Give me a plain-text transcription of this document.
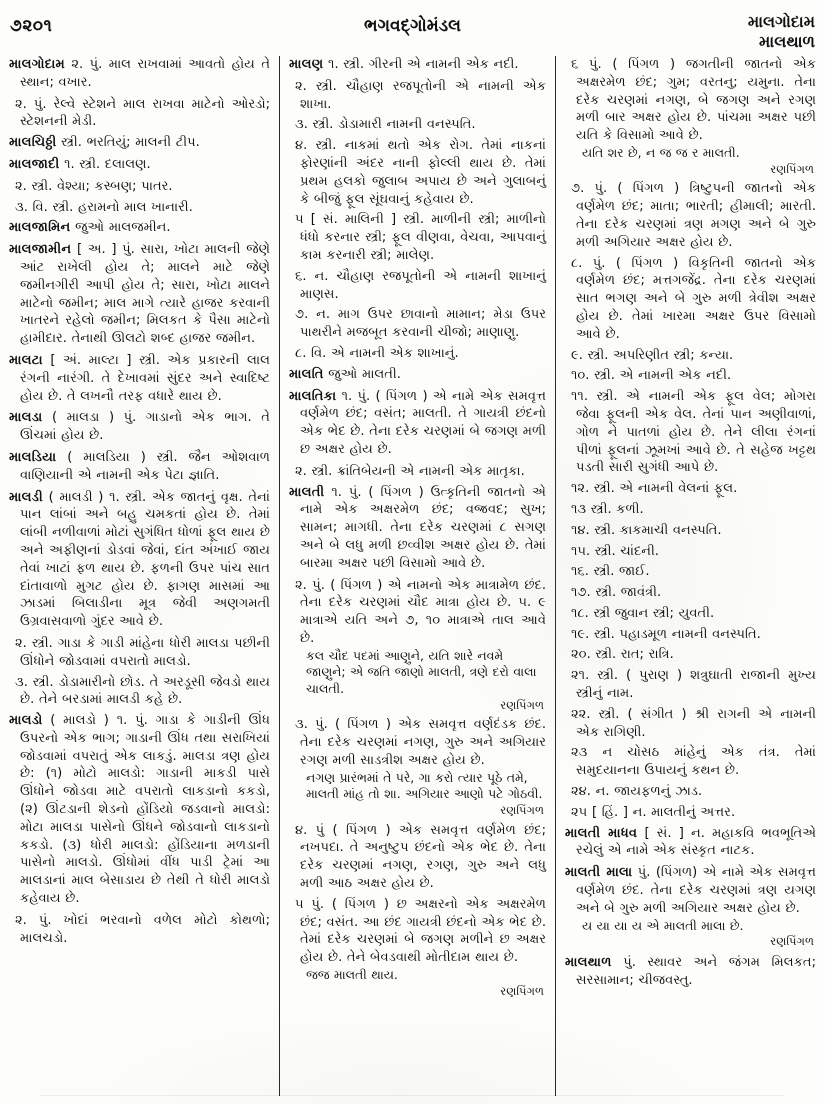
૭૨૦૧	ભગવદ્ગોમંડલ	માલગોદામ
માલથાળ

માલગોદામ ૨. પું. માલ રાખવામાં આવતો હોય તે સ્થાન; વખાર.

૨. પું. રેલ્વે સ્ટેશને માલ રાખવા માટેનો ઓરડો; સ્ટેશનની મેડી.

માલચિઠ્ઠી સ્ત્રી. ભરતિયું; માલની ટીપ.

માલજાદી ૧. સ્ત્રી. દલાલણ.

૨. સ્ત્રી. વેશ્યા; કસ્બણ; પાતર.

૩. વિ. સ્ત્રી. હરામનો માલ ખાનારી.

માલજામિન જુઓ માલજમીન.

માલજામીન [ અ. ] પું. સારા, ખોટા માલની જેણે આંટ રાખેલી હોય તે; માલને માટે જેણે જમીનગીરી આપી હોય તે; સારા, ખોટા માલને માટેનો જમીન; માલ માગે ત્યારે હાજર કરવાની ખાતરને રહેલો જમીન; મિલકત કે પૈસા માટેનો હામીદાર. તેનાથી ઊલટો શબ્દ હાજર જમીન.

માલટા [ અં. માલ્ટા ] સ્ત્રી. એક પ્રકારની લાલ રંગની નારંગી. તે દેખાવમાં સુંદર અને સ્વાદિષ્ટ હોય છે. તે લખનૌ તરફ વધારે થાય છે.

માલડા ( માલડા ) પું. ગાડાનો એક ભાગ. તે ઊંચમાં હોય છે.

માલડિયા ( માલડિયા ) સ્ત્રી. જૈન ઓશવાળ વાણિયાની એ નામની એક પેટા જ્ઞાતિ.

માલડી ( માલડી ) ૧. સ્ત્રી. એક જાતનું વૃક્ષ. તેનાં પાન લાંબાં અને બહુ ચમકતાં હોય છે. તેમાં લાંબી નળીવાળાં મોટાં સુગંધિત ધોળાં ફૂલ થાય છે અને અફીણનાં ડોડવાં જેવાં, દાંત અંખાઈ જાય તેવાં ખાટાં ફળ થાય છે. ફળની ઉપર પાંચ સાત દાંતાવાળો મુગટ હોય છે. ફાગણ માસમાં આ ઝાડમાં બિલાડીના મૂત્ર જેવી અણગમતી ઉગ્રવાસવાળો ગુંદર આવે છે.

૨. સ્ત્રી. ગાડા કે ગાડી માંહેના ધોરી માલડા પછીની ઊંધોને જોડવામાં વપરાતો માલડો.

૩. સ્ત્રી. ડોડામારીનો છોડ. તે અરડૂસી જેવડો થાય છે. તેને બરડામાં માલડી કહે છે.

માલડો ( માલડો ) ૧. પું. ગાડા કે ગાડીની ઊંધ ઉપરનો એક ભાગ; ગાડાની ઊંધ તથા સરાખિયાં જોડવામાં વપરાતું એક લાકડું. માલડા ત્રણ હોય છે: (૧) મોટો માલડો: ગાડાની માકડી પાસે ઊંધોને જોડવા માટે વપરાતો લાકડાનો કકડો, (૨) ઊંટડાની શેડનો હોંડિયો જડવાનો માલડો: મોટા માલડા પાસેનો ઊંધને જોડવાનો લાકડાનો કકડો. (૩) ધોરી માલડો: હોંડિયાના મ‌ળડાની પાસેનો માલડો. ઊંધોમાં વીંધ પાડી ટ્રેમાં આ માલડાનાં માલ બેસાડાય છે તેથી તે ધોરી માલડો કહેવાય છે.

૨. પું. ખોદાં ભરવાનો વળેલ મોટો કોથળો; માલચડો.

માલણ ૧. સ્ત્રી. ગીરની એ નામની એક નદી.

૨. સ્ત્રી. ચૌહાણ રજપૂતોની એ નામની એક શાખા.

૩. સ્ત્રી. ડોડામારી નામની વનસ્પતિ.

૪. સ્ત્રી. નાકમાં થતો એક રોગ. તેમાં નાકનાં ફોરણાંની અંદર નાની ફોલ્લી થાય છે. તેમાં પ્રથમ હલકો જુલાબ અપાય છે અને ગુલાબનું કે બીજું ફૂલ સૂંઘવાનું કહેવાય છે.

૫ [ સં. માલિની ] સ્ત્રી. માળીની સ્ત્રી; માળીનો ધંધો કરનાર સ્ત્રી; ફૂલ વીણવા, વેચવા, આપવાનું કામ કરનારી સ્ત્રી; માલેણ.

૬. ન. ચૌહાણ રજપૂતોની એ નામની શાખાનું માણસ.

૭. ન. માગ ઉપર છાવાનો મામાન; મેડા ઉપર પાથરીને મજબૂત કરવાની ચીજો; માણાણુ.

૮. વિ. એ નામની એક શાખાનું.

માલતિ જુઓ માલતી.

માલતિકા ૧. પું. ( પિંગળ ) એ નામે એક સમવૃત્ત વર્ણમેળ છંદ; વસંત; માલતી. તે ગાયત્રી છંદનો એક ભેદ છે. તેના દરેક ચરણમાં બે જગણ મળી છ અક્ષર હોય છે.

૨. સ્ત્રી. ક્રાંતિબેયની એ નામની એક માતૃકા.

માલતી ૧. પું. ( પિંગળ ) ઉત્કૃતિની જાતનો એ નામે એક અક્ષરમેળ છંદ; વજ્રવદ; સુખ; સામન; માગધી. તેના દરેક ચરણમાં ૮ સગણ અને બે લધુ મળી છવ્વીશ અક્ષર હોય છે. તેમાં બારમા અક્ષર પછી વિસામો આવે છે.

૨. પું. ( પિંગળ ) એ નામનો એક માત્રામેળ છંદ. તેના દરેક ચરણમાં ચૌદ માત્રા હોય છે. ૫. ૯ માત્રાએ યતિ અને ૭, ૧૦ માત્રાએ તાલ આવે છે.
કલ ચૌદ પદમાં આણુને, યતિ શારે નવમે જાણુને; એ જતિ જાણો માલતી, ત્રણે દરો વાલા ચાલતી.
રણપિંગળ

૩. પું. ( પિંગળ ) એક સમવૃત્ત વર્ણદંડક છંદ. તેના દરેક ચરણમાં નગણ, ગુરુ અને અગિયાર રગણ મળી સાડત્રીશ અક્ષર હોય છે.
નગણ પ્રારંભમાં તે પરે, ગા કરો ત્યાર પૂઠે તમે, માલતી માંહ તો શા. અગિયાર આણો પટે ગોઠવી.
રણપિંગળ

૪. પું ( પિંગળ ) એક સમવૃત્ત વર્ણમેળ છંદ; નખપદા. તે અનુષ્ટુપ છંદનો એક ભેદ છે. તેના દરેક ચરણમાં નગણ, રગણ, ગુરુ અને લધુ મળી આઠ અક્ષર હોય છે.

૫ પું. ( પિંગળ ) છ અક્ષરનો એક અક્ષરમેળ છંદ; વસંત. આ છંદ ગાયત્રી છંદનો એક ભેદ છે. તેમાં દરેક ચરણમાં બે જગણ મળીને છ અક્ષર હોય છે. તેને બેવડવાથી મોતીદામ થાય છે.
જજ માલતી થાય.
રણપિંગળ

૬ પું. ( પિંગળ ) જગતીની જાતનો એક અક્ષરમેળ છંદ; ગુમ; વરતનુ; યમુના. તેના દરેક ચરણમાં નગણ, બે જગણ અને રગણ મળી બાર અક્ષર હોય છે. પાંચમા અક્ષર પછી યતિ કે વિસામો આવે છે.
યતિ શર છે, ન જ જ ર માલતી.
રણપિંગળ

૭. પું. ( પિંગળ ) ત્રિષ્ટુપની જાતનો એક વર્ણમેળ છંદ; માતા; ભારતી; હીમાલી; મારતી. તેના દરેક ચરણમાં ત્રણ મગણ અને બે ગુરુ મળી અગિયાર અક્ષર હોય છે.

૮. પું. ( પિંગળ ) વિકૃતિની જાતનો એક વર્ણમેળ છંદ; મત્તગજેંદ્ર. તેના દરેક ચરણમાં સાત ભગણ અને બે ગુરુ મળી ત્રેવીશ અક્ષર હોય છે. તેમાં ખારમા અક્ષર ઉપર વિસામો આવે છે.

૯. સ્ત્રી. અપરિણીત સ્ત્રી; કન્યા.

૧૦. સ્ત્રી. એ નામની એક નદી.

૧૧. સ્ત્રી. એ નામની એક ફૂલ વેલ; મોગરા જેવા ફૂલની એક વેલ. તેનાં પાન અણીવાળાં, ગોળ ને પાતળાં હોય છે. તેને લીલા રંગનાં પીળાં ફૂલનાં ઝૂમખાં આવે છે. તે સહેજ ખટ્ટથ પડતી સારી સુગંધી આપે છે.

૧૨. સ્ત્રી. એ નામની વેલનાં ફૂલ.

૧૩ સ્ત્રી. કળી.

૧૪. સ્ત્રી. કાકમાચી વનસ્પતિ.

૧૫. સ્ત્રી. ચાંદની.

૧૬. સ્ત્રી. જાઈ.

૧૭. સ્ત્રી. જાવંત્રી.

૧૮. સ્ત્રી જુવાન સ્ત્રી; યુવતી.

૧૯. સ્ત્રી. પહાડમૂળ નામની વનસ્પતિ.

૨૦. સ્ત્રી. રાત; રાત્રિ.

૨૧. સ્ત્રી. ( પુરાણ ) શત્રુઘાતી રાજાની મુખ્ય સ્ત્રીનું નામ.

૨૨. સ્ત્રી. ( સંગીત ) શ્રી રાગની એ નામની એક રાગિણી.

૨૩ ન ચોસઠ માંહેનું એક તંત્ર. તેમાં સમુદયાનના ઉપાયનું કથન છે.

૨૪. ન. જાયફળનું ઝાડ.

૨૫ [ હિં. ] ન. માલતીનું અત્તર.

માલતી માધવ [ સં. ] ન. મહાકવિ ભવભૂતિએ રચેલું એ નામે એક સંસ્કૃત નાટક.

માલતી માલા પું. (પિંગળ) એ નામે એક સમવૃત્ત વર્ણમેળ છંદ. તેના દરેક ચરણમાં ત્રણ યગણ અને બે ગુરુ મળી અગિયાર અક્ષર હોય છે.
ય યા યા ય એ માલતી માલા છે.
રણપિંગળ

માલથાળ પું. સ્થાવર અને જંગમ મિલકત; સરસામાન; ચીજવસ્તુ.
